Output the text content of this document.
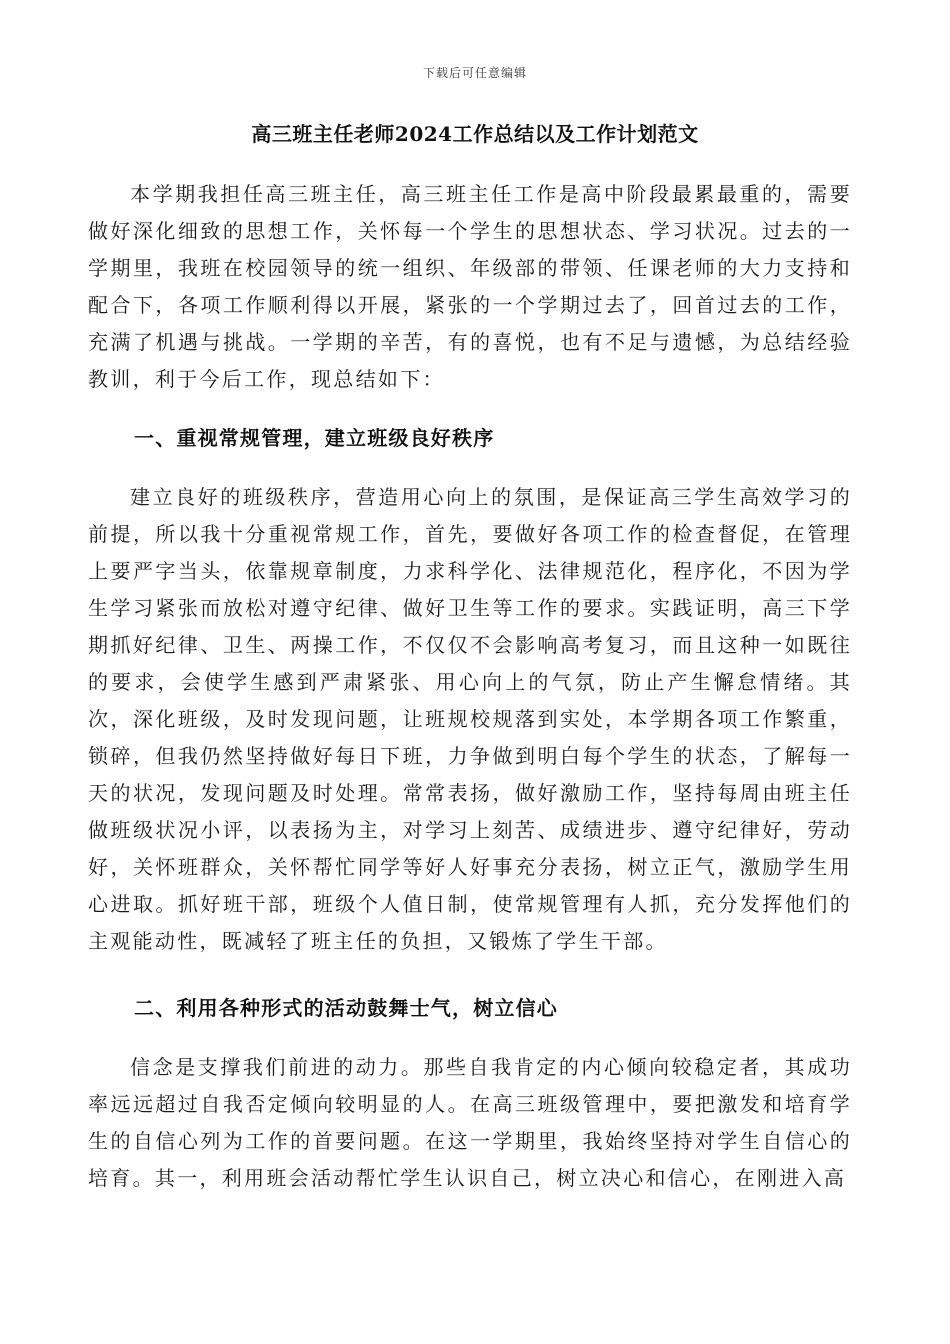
下载后可任意编辑
高三班主任老师2024工作总结以及工作计划范文

本学期我担任高三班主任，高三班主任工作是高中阶段最累最重的，需要做好深化细致的思想工作，关怀每一个学生的思想状态、学习状况。过去的一学期里，我班在校园领导的统一组织、年级部的带领、任课老师的大力支持和配合下，各项工作顺利得以开展，紧张的一个学期过去了，回首过去的工作，充满了机遇与挑战。一学期的辛苦，有的喜悦，也有不足与遗憾，为总结经验教训，利于今后工作，现总结如下：

一、重视常规管理，建立班级良好秩序

建立良好的班级秩序，营造用心向上的氛围，是保证高三学生高效学习的前提，所以我十分重视常规工作，首先，要做好各项工作的检查督促，在管理上要严字当头，依靠规章制度，力求科学化、法律规范化，程序化，不因为学生学习紧张而放松对遵守纪律、做好卫生等工作的要求。实践证明，高三下学期抓好纪律、卫生、两操工作，不仅仅不会影响高考复习，而且这种一如既往的要求，会使学生感到严肃紧张、用心向上的气氛，防止产生懈怠情绪。其次，深化班级，及时发现问题，让班规校规落到实处，本学期各项工作繁重，锁碎，但我仍然坚持做好每日下班，力争做到明白每个学生的状态，了解每一天的状况，发现问题及时处理。常常表扬，做好激励工作，坚持每周由班主任做班级状况小评，以表扬为主，对学习上刻苦、成绩进步、遵守纪律好，劳动好，关怀班群众，关怀帮忙同学等好人好事充分表扬，树立正气，激励学生用心进取。抓好班干部，班级个人值日制，使常规管理有人抓，充分发挥他们的主观能动性，既减轻了班主任的负担，又锻炼了学生干部。

二、利用各种形式的活动鼓舞士气，树立信心

信念是支撑我们前进的动力。那些自我肯定的内心倾向较稳定者，其成功率远远超过自我否定倾向较明显的人。在高三班级管理中，要把激发和培育学生的自信心列为工作的首要问题。在这一学期里，我始终坚持对学生自信心的培育。其一，利用班会活动帮忙学生认识自己，树立决心和信心，在刚进入高
